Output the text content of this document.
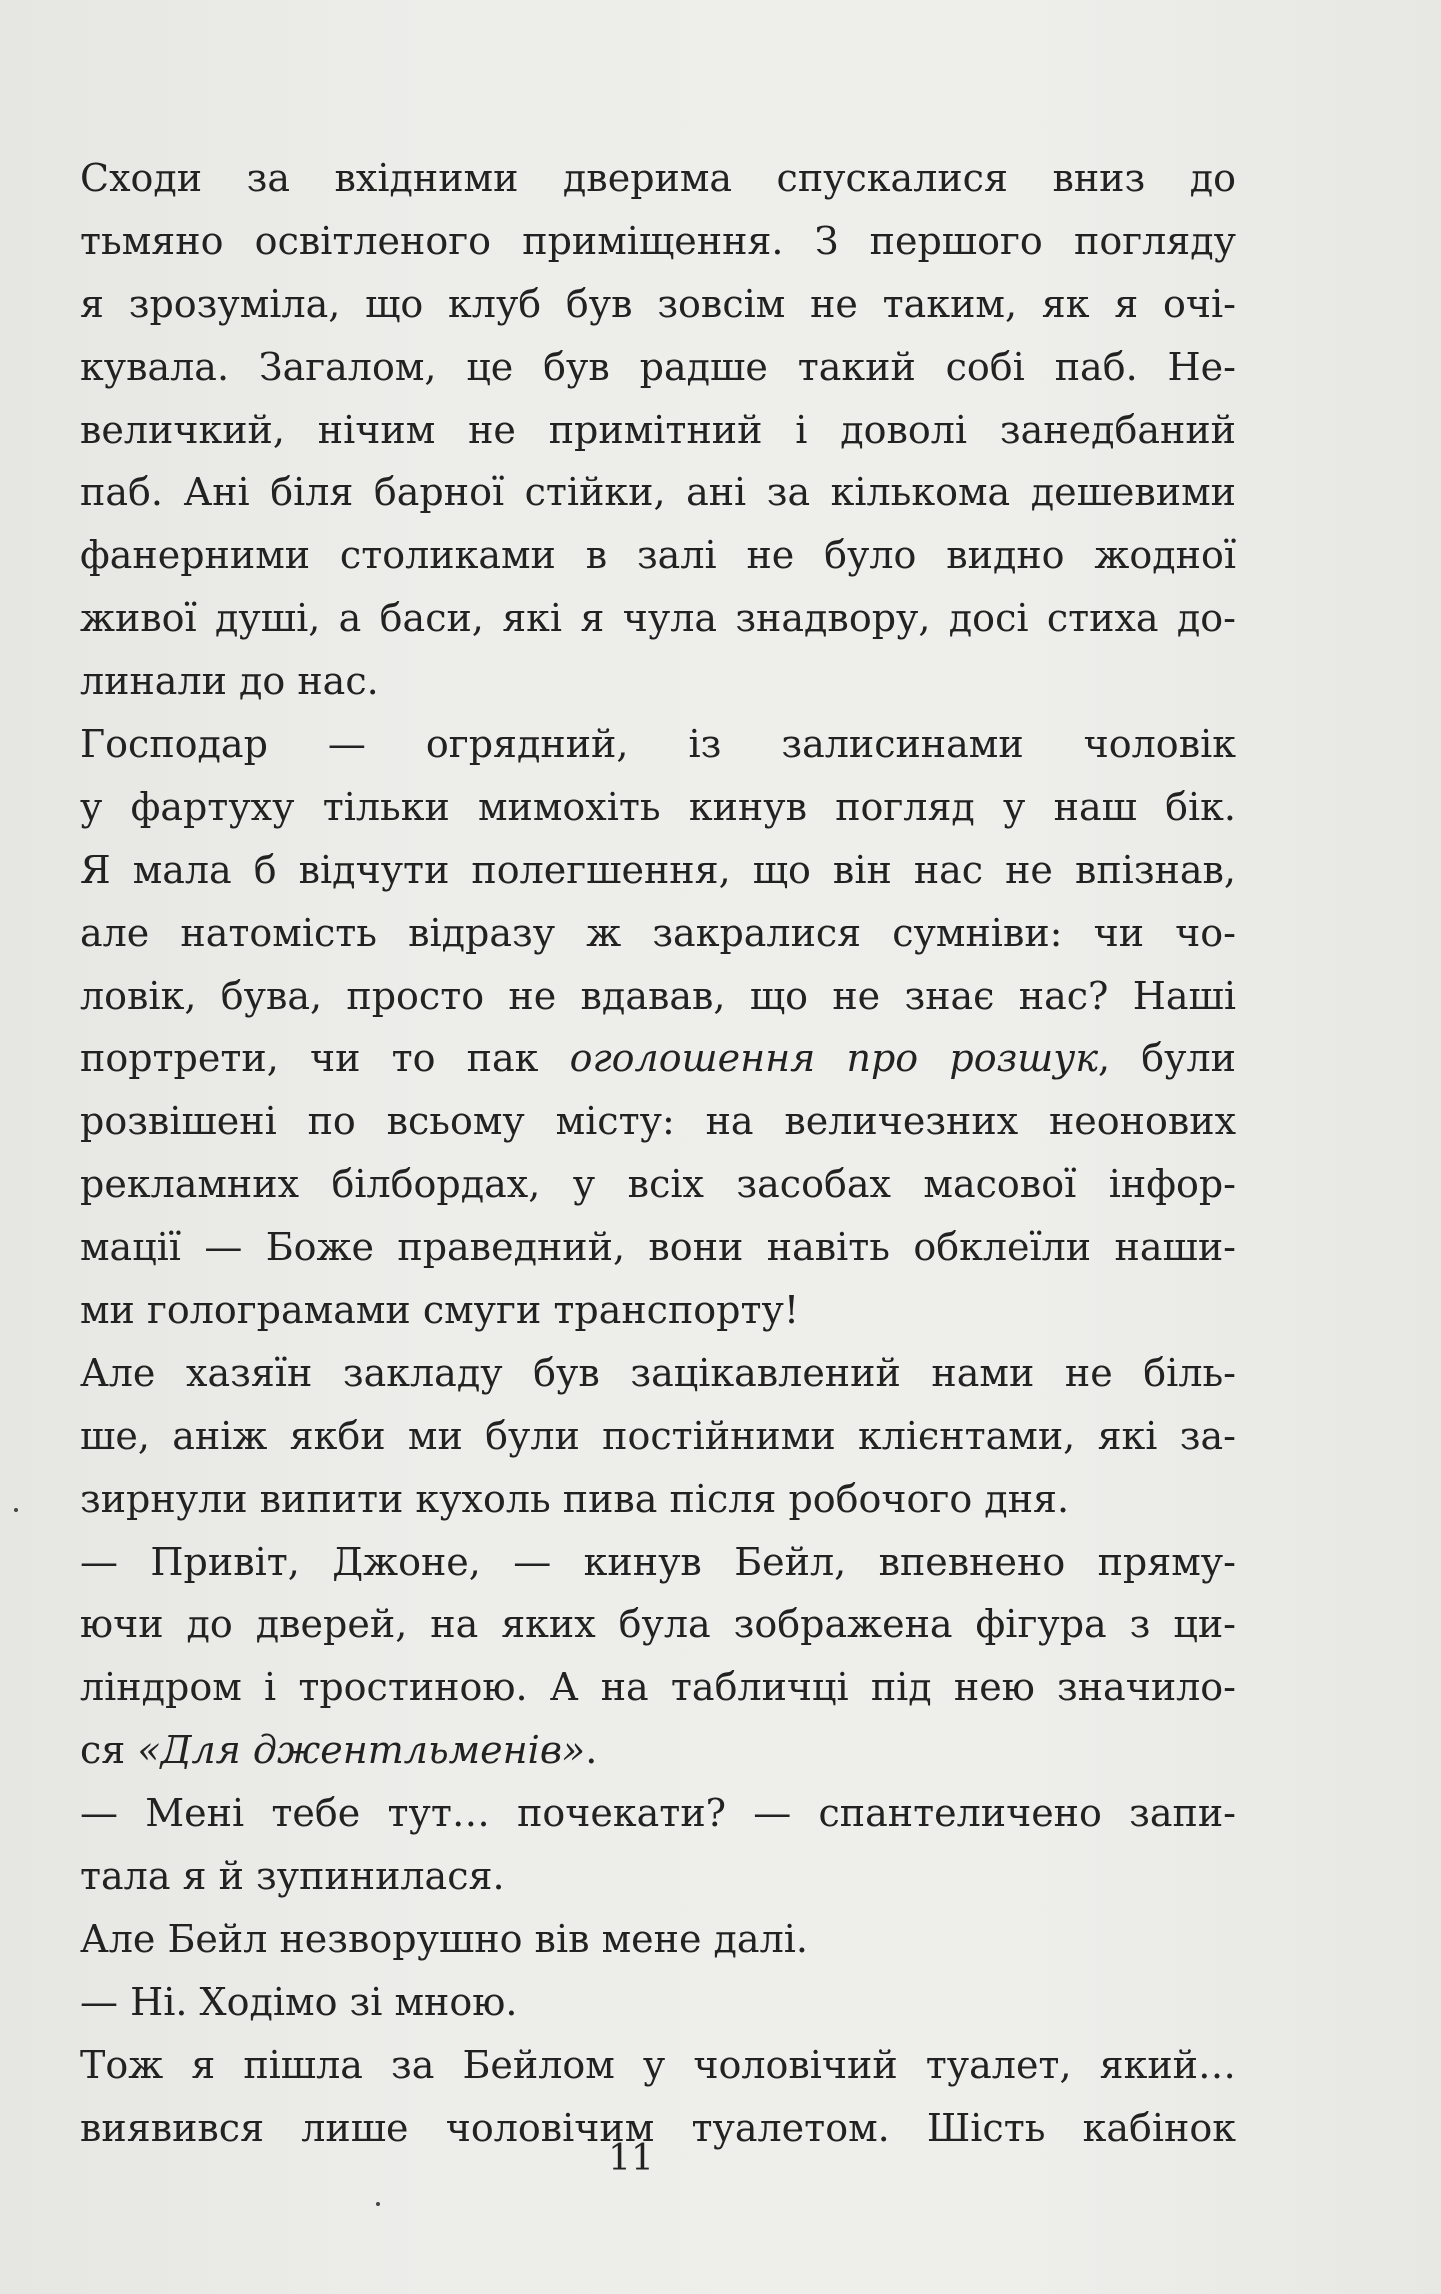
Сходи за вхідними дверима спускалися вниз до
тьмяно освітленого приміщення. З першого погляду
я зрозуміла, що клуб був зовсім не таким, як я очі-
кувала. Загалом, це був радше такий собі паб. Не-
величкий, нічим не примітний і доволі занедбаний
паб. Ані біля барної стійки, ані за кількома дешевими
фанерними столиками в залі не було видно жодної
живої душі, а баси, які я чула знадвору, досі стиха до-
линали до нас.
Господар — огрядний, із залисинами чоловік
у фартуху тільки мимохіть кинув погляд у наш бік.
Я мала б відчути полегшення, що він нас не впізнав,
але натомість відразу ж закралися сумніви: чи чо-
ловік, бува, просто не вдавав, що не знає нас? Наші
портрети, чи то пак оголошення про розшук, були
розвішені по всьому місту: на величезних неонових
рекламних білбордах, у всіх засобах масової інфор-
мації — Боже праведний, вони навіть обклеїли наши-
ми голограмами смуги транспорту!
Але хазяїн закладу був зацікавлений нами не біль-
ше, аніж якби ми були постійними клієнтами, які за-
зирнули випити кухоль пива після робочого дня.
— Привіт, Джоне, — кинув Бейл, впевнено пряму-
ючи до дверей, на яких була зображена фігура з ци-
ліндром і тростиною. А на табличці під нею значило-
ся «Для джентльменів».
— Мені тебе тут… почекати? — спантеличено запи-
тала я й зупинилася.
Але Бейл незворушно вів мене далі.
— Ні. Ходімо зі мною.
Тож я пішла за Бейлом у чоловічий туалет, який…
виявився лише чоловічим туалетом. Шість кабінок
11
